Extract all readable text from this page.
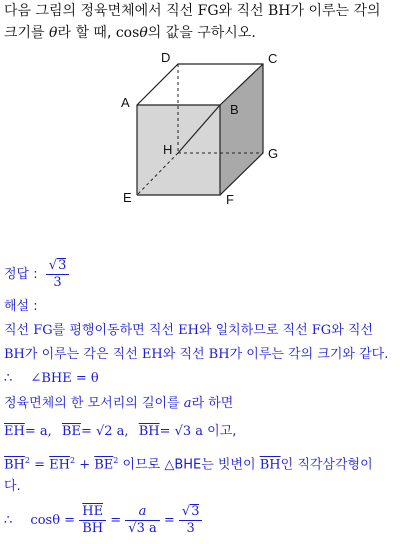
다음 그림의 정육면체에서 직선 FG와 직선 BH가 이루는 각의
크기를 θ라 할 때, cosθ의 값을 구하시오.
D	C
A	B
H	G
E	F
정답 : $\frac{√3}{3}$
해설 :
직선 FG를 평행이동하면 직선 EH와 일치하므로 직선 FG와 직선
BH가 이루는 각은 직선 EH와 직선 BH가 이루는 각의 크기와 같다.
∴ ∠BHE = θ
정육면체의 한 모서리의 길이를 a라 하면
$\overline{EH}= a$, $\overline{BE}= √2$ a, $\overline{BH}= √3$ a 이고,
$\overline{BH}^2 = \overline{EH}^2 + \overline{BE}^2$ 이므로 △BHE는 빗변이 $\overline{BH}$인 직각삼각형이
다.
∴ $\cos\theta = \frac{\overline{HE}}{BH} = \frac{a}{√3 a} = \frac{√3}{3}$
